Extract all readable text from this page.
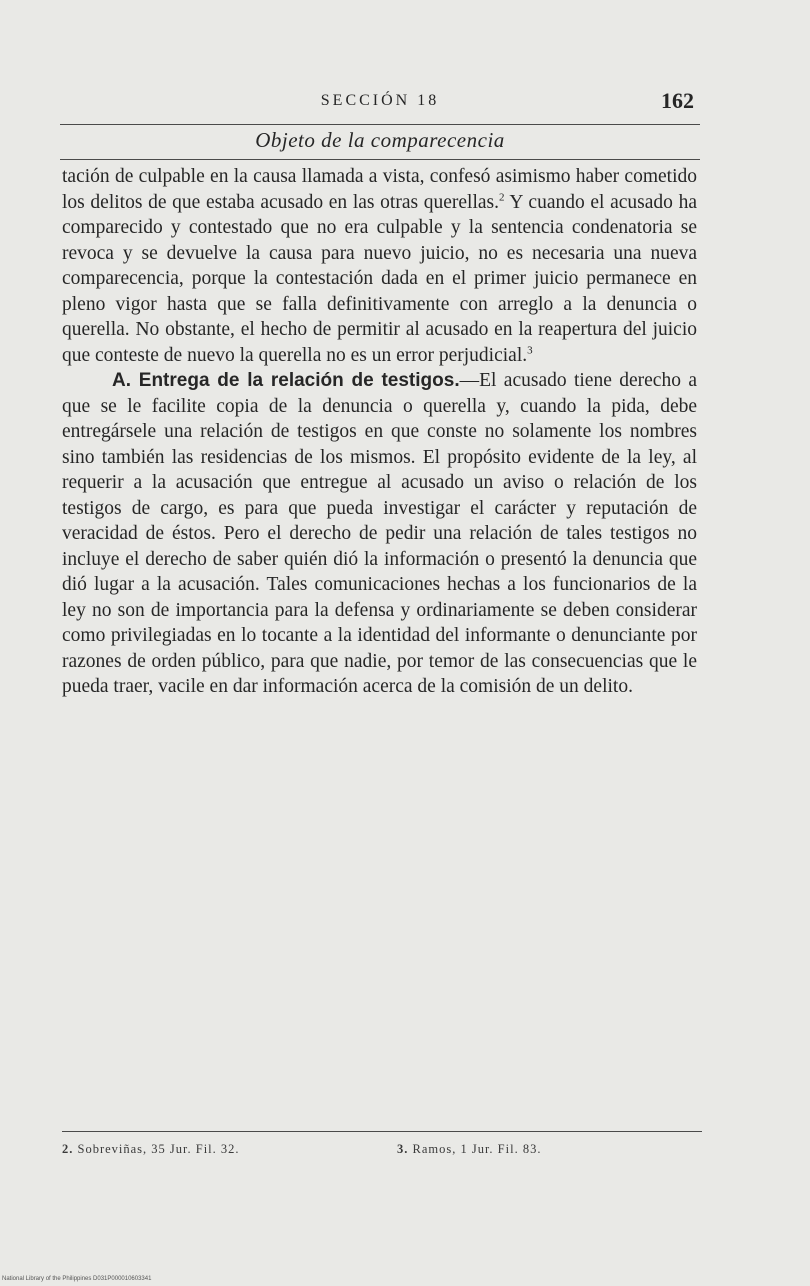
SECCIÓN 18	162
Objeto de la comparecencia

tación de culpable en la causa llamada a vista, confesó asimismo haber cometido los delitos de que estaba acusado en las otras querellas.$^2$ Y cuando el acusado ha comparecido y contestado que no era culpable y la sentencia condenatoria se revoca y se devuelve la causa para nuevo juicio, no es necesaria una nueva comparecencia, porque la contestación dada en el primer juicio permanece en pleno vigor hasta que se falla definitivamente con arreglo a la denuncia o querella. No obstante, el hecho de permitir al acusado en la reapertura del juicio que conteste de nuevo la querella no es un error perjudicial.$^3$

A. Entrega de la relación de testigos.—El acusado tiene derecho a que se le facilite copia de la denuncia o querella y, cuando la pida, debe entregársele una relación de testigos en que conste no solamente los nombres sino también las residencias de los mismos. El propósito evidente de la ley, al requerir a la acusación que entregue al acusado un aviso o relación de los testigos de cargo, es para que pueda investigar el carácter y reputación de veracidad de éstos. Pero el derecho de pedir una relación de tales testigos no incluye el derecho de saber quién dió la información o presentó la denuncia que dió lugar a la acusación. Tales comunicaciones hechas a los funcionarios de la ley no son de importancia para la defensa y ordinariamente se deben considerar como privilegiadas en lo tocante a la identidad del informante o denunciante por razones de orden público, para que nadie, por temor de las consecuencias que le pueda traer, vacile en dar información acerca de la comisión de un delito.

2. Sobreviñas, 35 Jur. Fil. 32.	3. Ramos, 1 Jur. Fil. 83.
National Library of the Philippines D031P000010603341
